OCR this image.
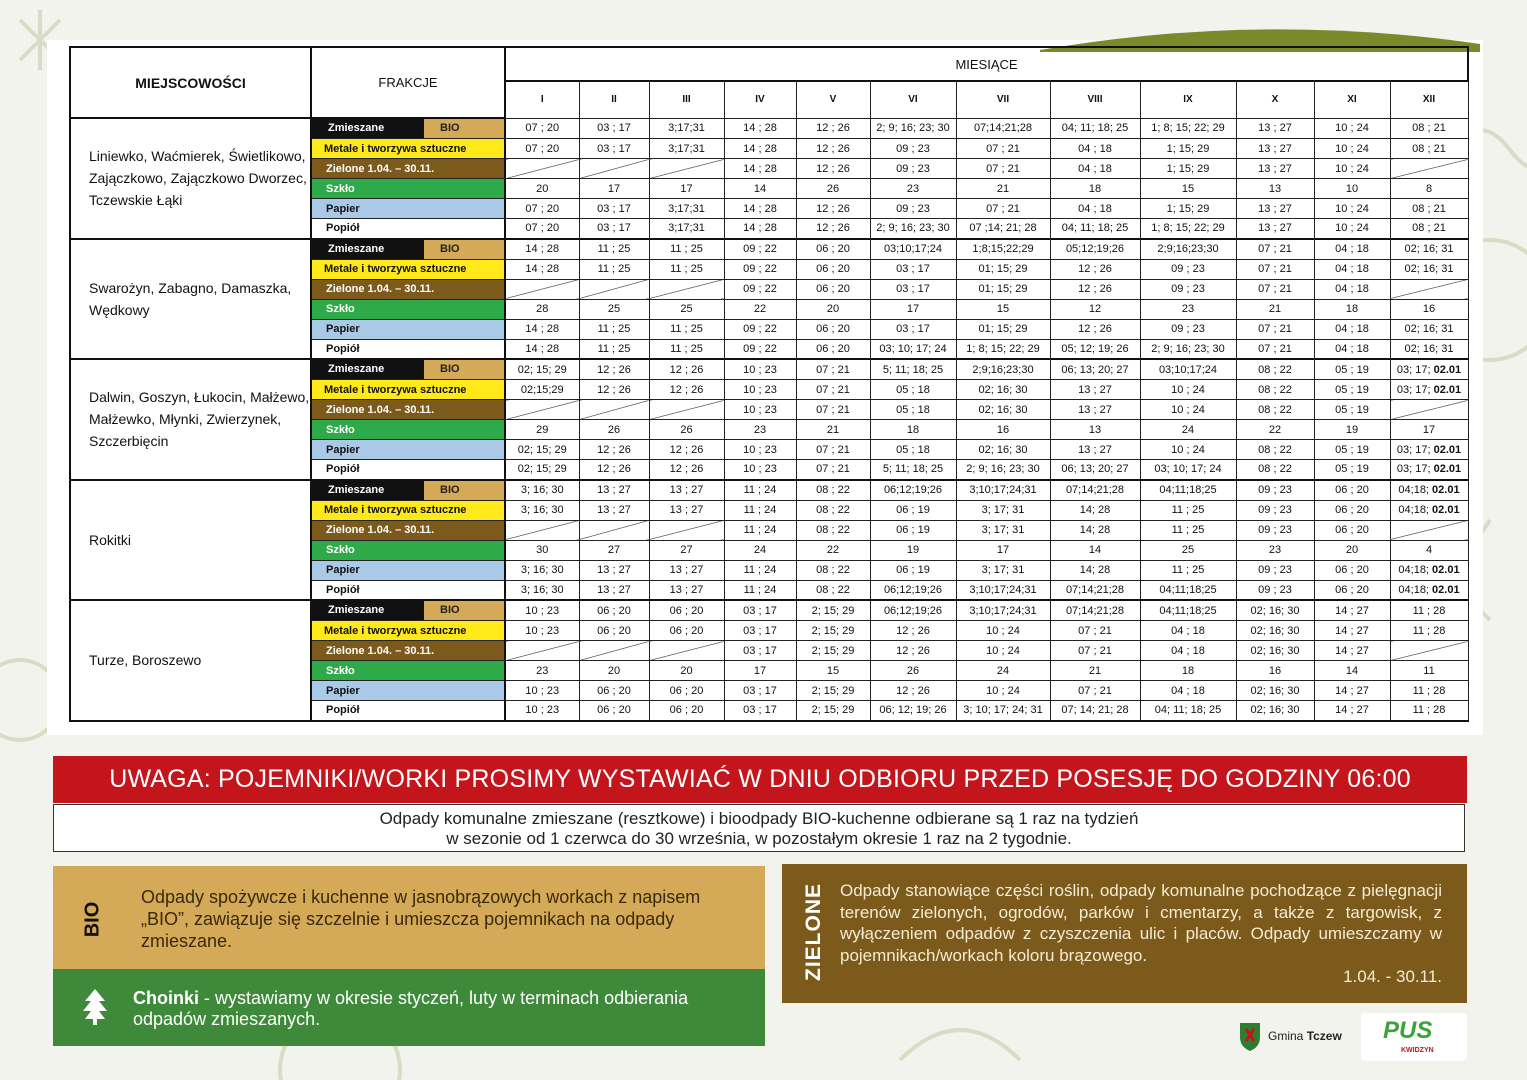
MIEJSCOWOŚCI	FRAKCJE	MIESIĄCE											
		I	II	III	IV	V	VI	VII	VIII	IX	X	XI	XII
Liniewko, Waćmierek, Świetlikowo, Zajączkowo, Zajączkowo Dworzec, Tczewskie Łąki	Zmieszane BIO	07 ; 20	03 ; 17	3;17;31	14 ; 28	12 ; 26	2; 9; 16; 23; 30	07;14;21;28	04; 11; 18; 25	1; 8; 15; 22; 29	13 ; 27	10 ; 24	08 ; 21
	Metale i tworzywa sztuczne	07 ; 20	03 ; 17	3;17;31	14 ; 28	12 ; 26	09 ; 23	07 ; 21	04 ; 18	1; 15; 29	13 ; 27	10 ; 24	08 ; 21
	Zielone 1.04. – 30.11.				14 ; 28	12 ; 26	09 ; 23	07 ; 21	04 ; 18	1; 15; 29	13 ; 27	10 ; 24	
	Szkło	20	17	17	14	26	23	21	18	15	13	10	8
	Papier	07 ; 20	03 ; 17	3;17;31	14 ; 28	12 ; 26	09 ; 23	07 ; 21	04 ; 18	1; 15; 29	13 ; 27	10 ; 24	08 ; 21
	Popiół	07 ; 20	03 ; 17	3;17;31	14 ; 28	12 ; 26	2; 9; 16; 23; 30	07 ;14; 21; 28	04; 11; 18; 25	1; 8; 15; 22; 29	13 ; 27	10 ; 24	08 ; 21
Swarożyn, Zabagno, Damaszka, Wędkowy	Zmieszane BIO	14 ; 28	11 ; 25	11 ; 25	09 ; 22	06 ; 20	03;10;17;24	1;8;15;22;29	05;12;19;26	2;9;16;23;30	07 ; 21	04 ; 18	02; 16; 31
	Metale i tworzywa sztuczne	14 ; 28	11 ; 25	11 ; 25	09 ; 22	06 ; 20	03 ; 17	01; 15; 29	12 ; 26	09 ; 23	07 ; 21	04 ; 18	02; 16; 31
	Zielone 1.04. – 30.11.				09 ; 22	06 ; 20	03 ; 17	01; 15; 29	12 ; 26	09 ; 23	07 ; 21	04 ; 18	
	Szkło	28	25	25	22	20	17	15	12	23	21	18	16
	Papier	14 ; 28	11 ; 25	11 ; 25	09 ; 22	06 ; 20	03 ; 17	01; 15; 29	12 ; 26	09 ; 23	07 ; 21	04 ; 18	02; 16; 31
	Popiół	14 ; 28	11 ; 25	11 ; 25	09 ; 22	06 ; 20	03; 10; 17; 24	1; 8; 15; 22; 29	05; 12; 19; 26	2; 9; 16; 23; 30	07 ; 21	04 ; 18	02; 16; 31
Dalwin, Goszyn, Łukocin, Małżewo, Małżewko, Młynki, Zwierzynek, Szczerbięcin	Zmieszane BIO	02; 15; 29	12 ; 26	12 ; 26	10 ; 23	07 ; 21	5; 11; 18; 25	2;9;16;23;30	06; 13; 20; 27	03;10;17;24	08 ; 22	05 ; 19	03; 17; 02.01
	Metale i tworzywa sztuczne	02;15;29	12 ; 26	12 ; 26	10 ; 23	07 ; 21	05 ; 18	02; 16; 30	13 ; 27	10 ; 24	08 ; 22	05 ; 19	03; 17; 02.01
	Zielone 1.04. – 30.11.				10 ; 23	07 ; 21	05 ; 18	02; 16; 30	13 ; 27	10 ; 24	08 ; 22	05 ; 19	
	Szkło	29	26	26	23	21	18	16	13	24	22	19	17
	Papier	02; 15; 29	12 ; 26	12 ; 26	10 ; 23	07 ; 21	05 ; 18	02; 16; 30	13 ; 27	10 ; 24	08 ; 22	05 ; 19	03; 17; 02.01
	Popiół	02; 15; 29	12 ; 26	12 ; 26	10 ; 23	07 ; 21	5; 11; 18; 25	2; 9; 16; 23; 30	06; 13; 20; 27	03; 10; 17; 24	08 ; 22	05 ; 19	03; 17; 02.01
Rokitki	Zmieszane BIO	3; 16; 30	13 ; 27	13 ; 27	11 ; 24	08 ; 22	06;12;19;26	3;10;17;24;31	07;14;21;28	04;11;18;25	09 ; 23	06 ; 20	04;18; 02.01
	Metale i tworzywa sztuczne	3; 16; 30	13 ; 27	13 ; 27	11 ; 24	08 ; 22	06 ; 19	3; 17; 31	14; 28	11 ; 25	09 ; 23	06 ; 20	04;18; 02.01
	Zielone 1.04. – 30.11.				11 ; 24	08 ; 22	06 ; 19	3; 17; 31	14; 28	11 ; 25	09 ; 23	06 ; 20	
	Szkło	30	27	27	24	22	19	17	14	25	23	20	4
	Papier	3; 16; 30	13 ; 27	13 ; 27	11 ; 24	08 ; 22	06 ; 19	3; 17; 31	14; 28	11 ; 25	09 ; 23	06 ; 20	04;18; 02.01
	Popiół	3; 16; 30	13 ; 27	13 ; 27	11 ; 24	08 ; 22	06;12;19;26	3;10;17;24;31	07;14;21;28	04;11;18;25	09 ; 23	06 ; 20	04;18; 02.01
Turze, Boroszewo	Zmieszane BIO	10 ; 23	06 ; 20	06 ; 20	03 ; 17	2; 15; 29	06;12;19;26	3;10;17;24;31	07;14;21;28	04;11;18;25	02; 16; 30	14 ; 27	11 ; 28
	Metale i tworzywa sztuczne	10 ; 23	06 ; 20	06 ; 20	03 ; 17	2; 15; 29	12 ; 26	10 ; 24	07 ; 21	04 ; 18	02; 16; 30	14 ; 27	11 ; 28
	Zielone 1.04. – 30.11.				03 ; 17	2; 15; 29	12 ; 26	10 ; 24	07 ; 21	04 ; 18	02; 16; 30	14 ; 27	
	Szkło	23	20	20	17	15	26	24	21	18	16	14	11
	Papier	10 ; 23	06 ; 20	06 ; 20	03 ; 17	2; 15; 29	12 ; 26	10 ; 24	07 ; 21	04 ; 18	02; 16; 30	14 ; 27	11 ; 28
	Popiół	10 ; 23	06 ; 20	06 ; 20	03 ; 17	2; 15; 29	06; 12; 19; 26	3; 10; 17; 24; 31	07; 14; 21; 28	04; 11; 18; 25	02; 16; 30	14 ; 27	11 ; 28
UWAGA: POJEMNIKI/WORKI PROSIMY WYSTAWIAĆ W DNIU ODBIORU PRZED POSESJĘ DO GODZINY 06:00
Odpady komunalne zmieszane (resztkowe) i bioodpady BIO-kuchenne odbierane są 1 raz na tydzień
w sezonie od 1 czerwca do 30 września, w pozostałym okresie 1 raz na 2 tygodnie.
BIO
Odpady spożywcze i kuchenne w jasnobrązowych workach z napisem „BIO”, zawiązuje się szczelnie i umieszcza pojemnikach na odpady zmieszane.
Choinki - wystawiamy w okresie styczeń, luty w terminach odbierania odpadów zmieszanych.
ZIELONE Odpady stanowiące części roślin, odpady komunalne pochodzące z pielęgnacji terenów zielonych, ogrodów, parków i cmentarzy, a także z targowisk, z wyłączeniem odpadów z czyszczenia ulic i placów. Odpady umieszczamy w pojemnikach/workach koloru brązowego.
1.04. - 30.11.
Gmina Tczew PUS
KWIDZYN
